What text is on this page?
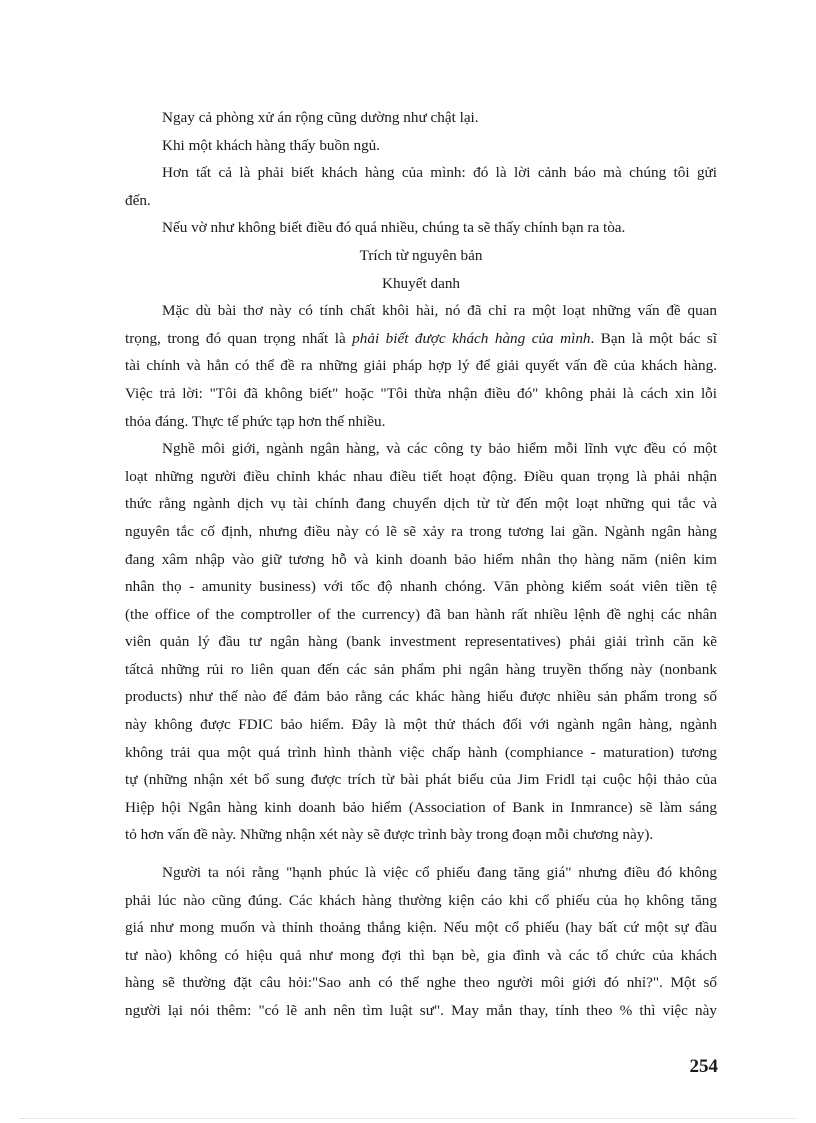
Ngay cả phòng xử án rộng cũng dường như chật lại.
Khi một khách hàng thấy buồn ngủ.
Hơn tất cả là phải biết khách hàng của mình: đó là lời cảnh báo mà chúng tôi gửi
đến.
Nếu vờ như không biết điều đó quá nhiều, chúng ta sẽ thấy chính bạn ra tòa.
Trích từ nguyên bản
Khuyết danh
Mặc dù bài thơ này có tính chất khôi hài, nó đã chỉ ra một loạt những vấn đề quan
trọng, trong đó quan trọng nhất là phải biết được khách hàng của mình. Bạn là một bác sĩ
tài chính và hẳn có thể đề ra những giải pháp hợp lý để giải quyết vấn đề của khách hàng.
Việc trả lời: "Tôi đã không biết" hoặc "Tôi thừa nhận điều đó" không phải là cách xin lỗi
thỏa đáng. Thực tế phức tạp hơn thế nhiều.
Nghề môi giới, ngành ngân hàng, và các công ty bảo hiểm mỗi lĩnh vực đều có một
loạt những người điều chỉnh khác nhau điều tiết hoạt động. Điều quan trọng là phải nhận
thức rằng ngành dịch vụ tài chính đang chuyển dịch từ từ đến một loạt những qui tắc và
nguyên tắc cố định, nhưng điều này có lẽ sẽ xảy ra trong tương lai gần. Ngành ngân hàng
đang xâm nhập vào giữ tương hỗ và kinh doanh bảo hiểm nhân thọ hàng năm (niên kim
nhân thọ - amunity business) với tốc độ nhanh chóng. Văn phòng kiểm soát viên tiền tệ
(the office of the comptroller of the currency) đã ban hành rất nhiều lệnh đề nghị các nhân
viên quản lý đầu tư ngân hàng (bank investment representatives) phải giải trình căn kẽ
tấtcả những rủi ro liên quan đến các sản phẩm phi ngân hàng truyền thống này (nonbank
products) như thế nào để đảm bảo rằng các khác hàng hiểu được nhiều sản phẩm trong số
này không được FDIC bảo hiểm. Đây là một thử thách đối với ngành ngân hàng, ngành
không trải qua một quá trình hình thành việc chấp hành (comphiance - maturation) tương
tự (những nhận xét bổ sung được trích từ bài phát biểu của Jim Fridl tại cuộc hội thảo của
Hiệp hội Ngân hàng kinh doanh bảo hiểm (Association of Bank in Inmrance) sẽ làm sáng
tỏ hơn vấn đề này. Những nhận xét này sẽ được trình bày trong đoạn mỗi chương này).
Người ta nói rằng "hạnh phúc là việc cổ phiếu đang tăng giá" nhưng điều đó không
phải lúc nào cũng đúng. Các khách hàng thường kiện cáo khi cổ phiếu của họ không tăng
giá như mong muốn và thỉnh thoảng thắng kiện. Nếu một cổ phiếu (hay bất cứ một sự đầu
tư nào) không có hiệu quả như mong đợi thì bạn bè, gia đình và các tổ chức của khách
hàng sẽ thường đặt câu hỏi:"Sao anh có thể nghe theo người môi giới đó nhỉ?". Một số
người lại nói thêm: "có lẽ anh nên tìm luật sư". May mắn thay, tính theo % thì việc này
254
